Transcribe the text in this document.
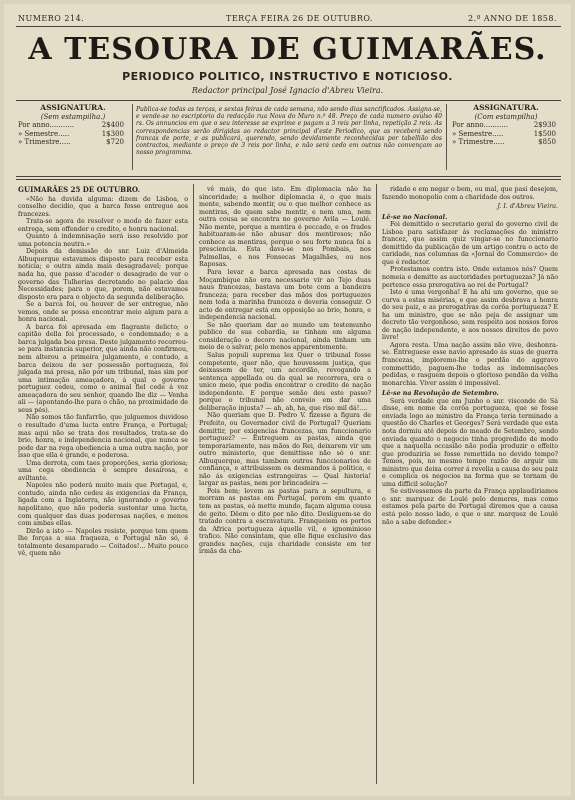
NUMERO 214.	TERÇA FEIRA 26 DE OUTUBRO.	2.º ANNO DE 1858.
A TESOURA DE GUIMARÃES.
PERIODICO POLITICO, INSTRUCTIVO E NOTICIOSO.
Redactor principal José Ignacio d'Abreu Vieira.
ASSIGNATURA.
(Sem estampilha.)
Por anno...........	2$400
» Semestre.....	1$300
» Trimestre.....	$720
Publica-se todas as terças, e sextas feiras de cada semana, não sendo dias sanctificados. Assigna-se, e vende-se no escriptorio da redacção rua Nova do Muro n.º 48. Preço de cada numero avulso 40 rs. Os annuncios em que o seu interesse se exprime e pagam a 3 reis por linha, repetição 2 reis. As correspondencias serão dirigidas ao redactor principal d'este Periodico, que as receberá sendo francas de porte, e as publicará, querendo, sendo devidamente reconhecidas por tabellião dos contractos, mediante o preço de 3 reis por linha, e não será cedo em outras não convençam ao nosso programma.
ASSIGNATURA.
(Com estampilha)
Por anno...........	2$930
» Semestre.....	1$500
» Trimestre.....	$850

GUIMARÃES 25 DE OUTUBRO.

«Não ha duvida alguma: dizem de Lisboa, o conselho decidio, que a barca fosse entregue aos francezes.

Trata-se agora de resolver o modo de fazer esta entrega, sem offender o credito, e honra nacional.

Quanto á indemnisação será isso resolvido por uma potencia neutra.»

Depois da demissão do snr. Luiz d'Almeida Albuquerque estavamos disposto para receber esta noticia; e outra ainda mais desagradavel; porque nada ha, que passe d'acoder o desagrado de ver o governo das Tulherias decretando no palacio das Necessidades; para o que, porem, não estavamos disposto era para o objecto da segunda deliberação.

Se a barca foi, ou houver de ser entregue, não vemos, onde se possa encontrar meio algum para a honra nacional.

A barca foi apresada em flagrante delicto; o capitão della foi processado, e condemnado; e a barca julgada boa presa. Deste julgamento recorreu-se para instancia superior, que ainda não confirmou, nem alterou a primeira julgamento, e contudo, a barca deixou de ser possessão portugueza, foi julgada má presa, não por um tribunal, mas sim por uma intimação ameaçadora, á qual o governo portuguez cedeu, como o animal fiel cede á voz ameaçadora do seu senhor, quando lhe diz — Venha ali — (apontando-lhe para o chão, na proximidade de seus pés).

Não somos tão fanfarrão, que julguemos duvidoso o resultado d'uma lucta entre França, e Portugal; mas aqui não se trata dos resultados, trata-se do brio, honra, e independencia nacional, que nunca se pode dar na rega obediencia a uma outra nação, por isso que ella é grande, e poderosa.

Uma derrota, com taes proporções, seria gloriosa; uma cega obediencia é sempre desairosa, e aviltante.

Napoles não poderá muito mais que Portugal, e, contudo, ainda não cedeu ás exigencias da França, ligada com a Inglaterra, não ignorando o governo napolitano, que não poderia sustentar uma lucta, com qualquer das duas poderosas nações, e menos com ambas ellas.

Dirão a isto — Napoles resiste, porque tem quem lhe forças a sua fraqueza, e Portugal não só, é totalmente desamparado — Coitados!... Muito pouco vê, quem não

vê mais, do que isto. Em diplomacia não ha sinceridade; a melhor diplomacia é, o que mais mente, sabendo mentir, ou o que melhor conhece as mentiras, de quem sabe mentir, e nem uma, nem outra cousa se encontra no governo Avila — Loulé. Não mente, porque a mentira é peccado, e os frades habituaram-se não abusar dos mentirosos; não conhece as mentiras, porque o seu forte nunca foi a presciencia. Esta dava-se nos Pombais, nos Palmellas, e nos Fonsecas Magalhães, ou nos Raposas.

Para levar a barca apresada nas costas de Moçambique não era necessario vir ao Tejo duas naus francezas, bastava um bote com a bandeira franceza; para receber das mãos dos portuguezes nem toda a marinha franceza o deveria conseguir. O acto de entregar está em opposição ao brio, honra, e independencia nacional.

Se não queriam dar ao mundo um testemunho publico de sua cobardia, se tinham em alguma consideração o decoro nacional, ainda tinham um meio de o salvar, pelo menos apparentemente.

Salus populi suprema lex Quer o tribunal fosse competente, quer não, que houvessem justiça, que deixassem de ter, um accordão, revogando a sentença appellada ou da qual se recorrera, era o unico meio, que podia encontrar o credito de nação independente. E porque senão deu este passo? porque o tribunal não conveio em dar uma deliberação injusta? — ah, ah, ha, que riso mil dá!....

Não queriam que D. Pedro V. fizesse a figura de Prefeito, ou Governador civil de Portugal? Queriam demittir, por exigencias francezas, um funccionario portuguez? — Entreguem as pastas, ainda que temporariamente, nas mãos do Rei, deixarem vir um outro ministerio, que demittisse não só o snr. Albuquerque, mas tambem outros funccionarios de confiança, e attribuissem os desmandos á politica, e não ás exigencias estrangeiras — Qual historia! largar as pastas, nem por brincadeira —

Pois bem; levem as pastas para a sepultura, e morram as pastas em Portugal, porem em quanto tem as pastas, eá mette mundo, façam alguma cousa de geito. Dêem o dito por não dito. Desliguem-se do tratado contra a escravatura. Franqueiem os portos da Africa portugueza áquelle vil, e ignominioso trafico. Não consintam, que elle fique exclusivo das grandes nações, cuja charidade consiste em ter irmãs da cha-

ridade e em negar o bem, ou mal, que pasi desejem, fazendo monopolio com a charidade dos outros.

J. I. d'Abreu Vieira.

Lê-se no Nacional.

Foi demittido o secretario geral do governo civil de Lisboa para satisfazer ás reclamações do ministro francez, que assim quiz vingar-se no funccionario demittido da publicação de um artigo contra o acto de caridade, nas columnas da «Jornal do Commercio» de que é redactor.

Protestamos contra isto. Onde estamos nós? Quem nomeia e demitte as auctoridades portuguezas? Já não pertence essa prerogativa ao rei de Portugal?

Isto é uma vergonha! E ha ahi um governo, que se curva a estas misérias, e que assim desbrava a honra do seu paiz, e as prerogativas da corôa portugueza? E ha um ministro, que se não peja de assignar um decreto tão vergonhoso, sem respeito aos nossos foros de nação independente, e aos nossos direitos de povo livre!

Agora resta. Uma nação assim não vive, deshonra-se. Entreguese esse navio apresado ás suas de guerra francezas, imploremo-lhe o perdão do aggravo commettido, paguem-lhe todas as indemnisações pedidas, e rasguem depois o glorioso pendão da velha monarchia. Viver assim é impossivel.

Lê-se na Revolução de Setembro.

Será verdade que em Junho o snr. visconde de Sá disse, em nome da corôa portugueza, que se fosse enviada logo ao ministro da França teria terminado a questão do Charles et Georges? Será verdade que esta nota dormiu até depois do meado de Setembro, sendo enviada quando o negocio tinha progredido de modo que a naquella occasião não podia produzir o effeito que produziria se fosse remettida no devido tempo? Temos, pois, no mesmo tempo razão de arguir um ministro que deixa correr á revelia a causa do seu paiz e complica os negocios na forma que se tornam de uma difficil solução?

Se estivessemos da parte da França applaudiriamos o snr. marquez de Loulé pelo demeres, mas como estamos pela parte de Portugal diremos que a causa está pelo nosso lado, e que o snr. marquez de Loulé não a sabe defender.»
